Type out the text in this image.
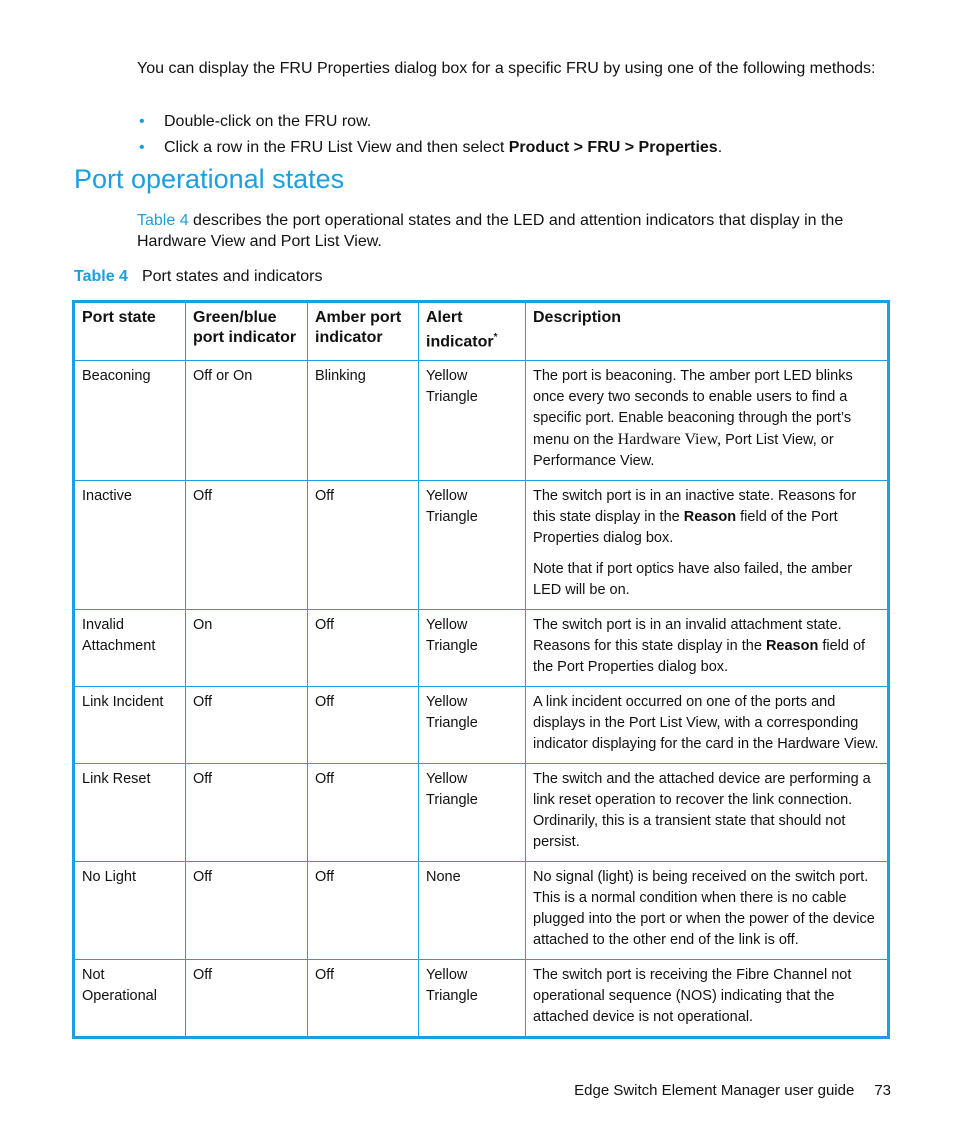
You can display the FRU Properties dialog box for a specific FRU by using one of the following methods:
• Double-click on the FRU row.
• Click a row in the FRU List View and then select Product > FRU > Properties.
Port operational states
Table 4 describes the port operational states and the LED and attention indicators that display in the Hardware View and Port List View.
Table 4 Port states and indicators
Port state	Green/blue port indicator	Amber port indicator	Alert indicator*	Description
Beaconing	Off or On	Blinking	Yellow Triangle	The port is beaconing. The amber port LED blinks once every two seconds to enable users to find a specific port. Enable beaconing through the port’s menu on the Hardware View, Port List View, or Performance View.
Inactive	Off	Off	Yellow Triangle	The switch port is in an inactive state. Reasons for this state display in the Reason field of the Port Properties dialog box.

Note that if port optics have also failed, the amber LED will be on.

Invalid Attachment	On	Off	Yellow Triangle	The switch port is in an invalid attachment state. Reasons for this state display in the Reason field of the Port Properties dialog box.
Link Incident	Off	Off	Yellow Triangle	A link incident occurred on one of the ports and displays in the Port List View, with a corresponding indicator displaying for the card in the Hardware View.
Link Reset	Off	Off	Yellow Triangle	The switch and the attached device are performing a link reset operation to recover the link connection. Ordinarily, this is a transient state that should not persist.
No Light	Off	Off	None	No signal (light) is being received on the switch port. This is a normal condition when there is no cable plugged into the port or when the power of the device attached to the other end of the link is off.
Not Operational	Off	Off	Yellow Triangle	The switch port is receiving the Fibre Channel not operational sequence (NOS) indicating that the attached device is not operational.
Edge Switch Element Manager user guide 73
